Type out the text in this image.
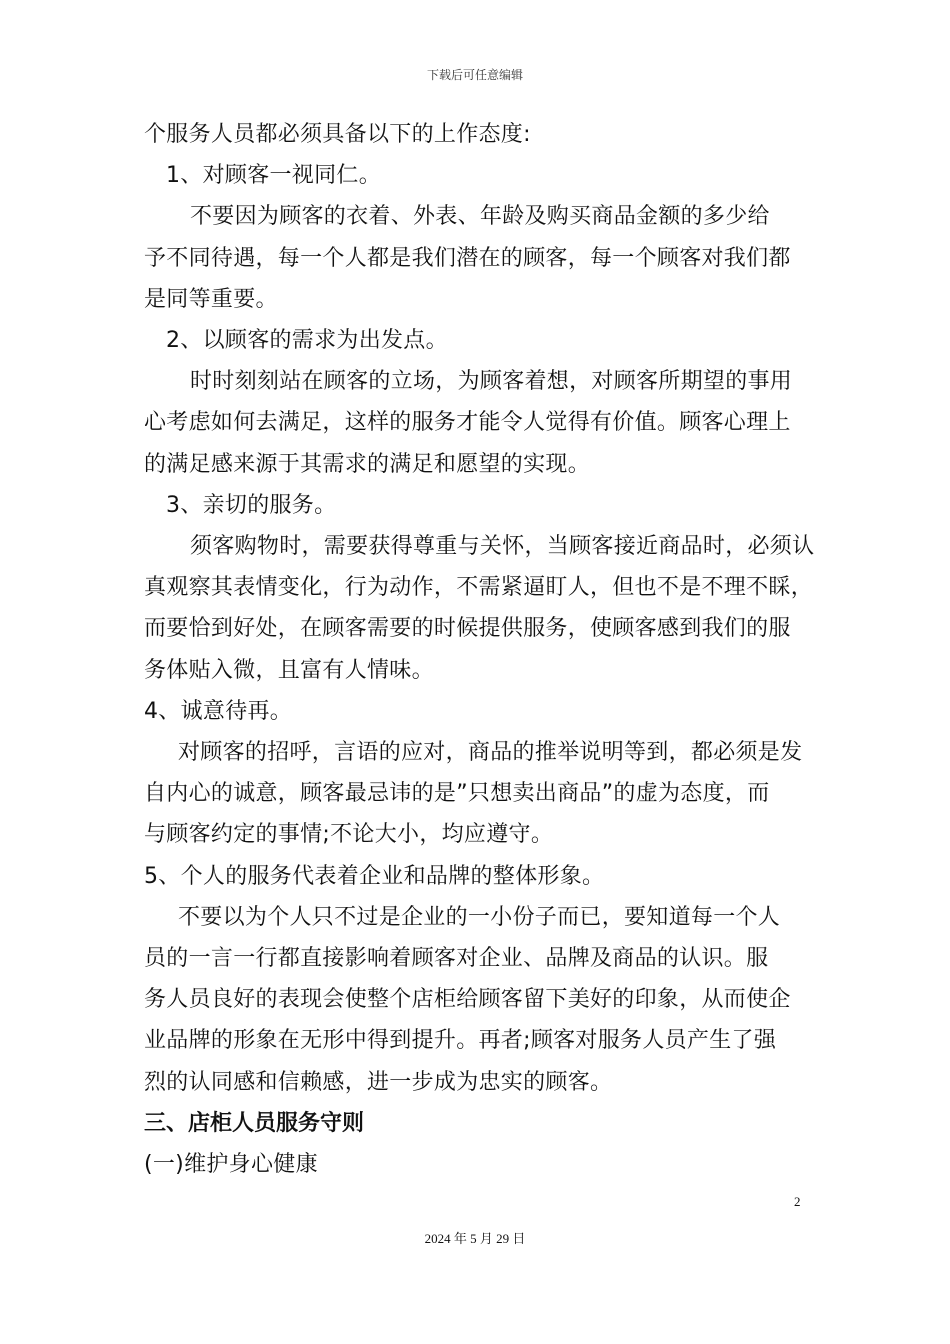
下载后可任意编辑
个服务人员都必须具备以下的上作态度:
1、对顾客一视同仁。
不要因为顾客的衣着、外表、年龄及购买商品金额的多少给
予不同待遇，每一个人都是我们潜在的顾客，每一个顾客对我们都
是同等重要。
2、以顾客的需求为出发点。
时时刻刻站在顾客的立场，为顾客着想，对顾客所期望的事用
心考虑如何去满足，这样的服务才能令人觉得有价值。顾客心理上
的满足感来源于其需求的满足和愿望的实现。
3、亲切的服务。
须客购物时，需要获得尊重与关怀，当顾客接近商品时，必须认
真观察其表情变化，行为动作，不需紧逼盯人，但也不是不理不睬，
而要恰到好处，在顾客需要的时候提供服务，使顾客感到我们的服
务体贴入微，且富有人情味。
4、诚意待再。
对顾客的招呼，言语的应对，商品的推举说明等到，都必须是发
自内心的诚意，顾客最忌讳的是”只想卖出商品”的虚为态度，而
与顾客约定的事情;不论大小，均应遵守。
5、个人的服务代表着企业和品牌的整体形象。
不要以为个人只不过是企业的一小份子而已，要知道每一个人
员的一言一行都直接影响着顾客对企业、品牌及商品的认识。服
务人员良好的表现会使整个店柜给顾客留下美好的印象，从而使企
业品牌的形象在无形中得到提升。再者;顾客对服务人员产生了强
烈的认同感和信赖感，进一步成为忠实的顾客。
三、店柜人员服务守则
(一)维护身心健康
2
2024 年 5 月 29 日
